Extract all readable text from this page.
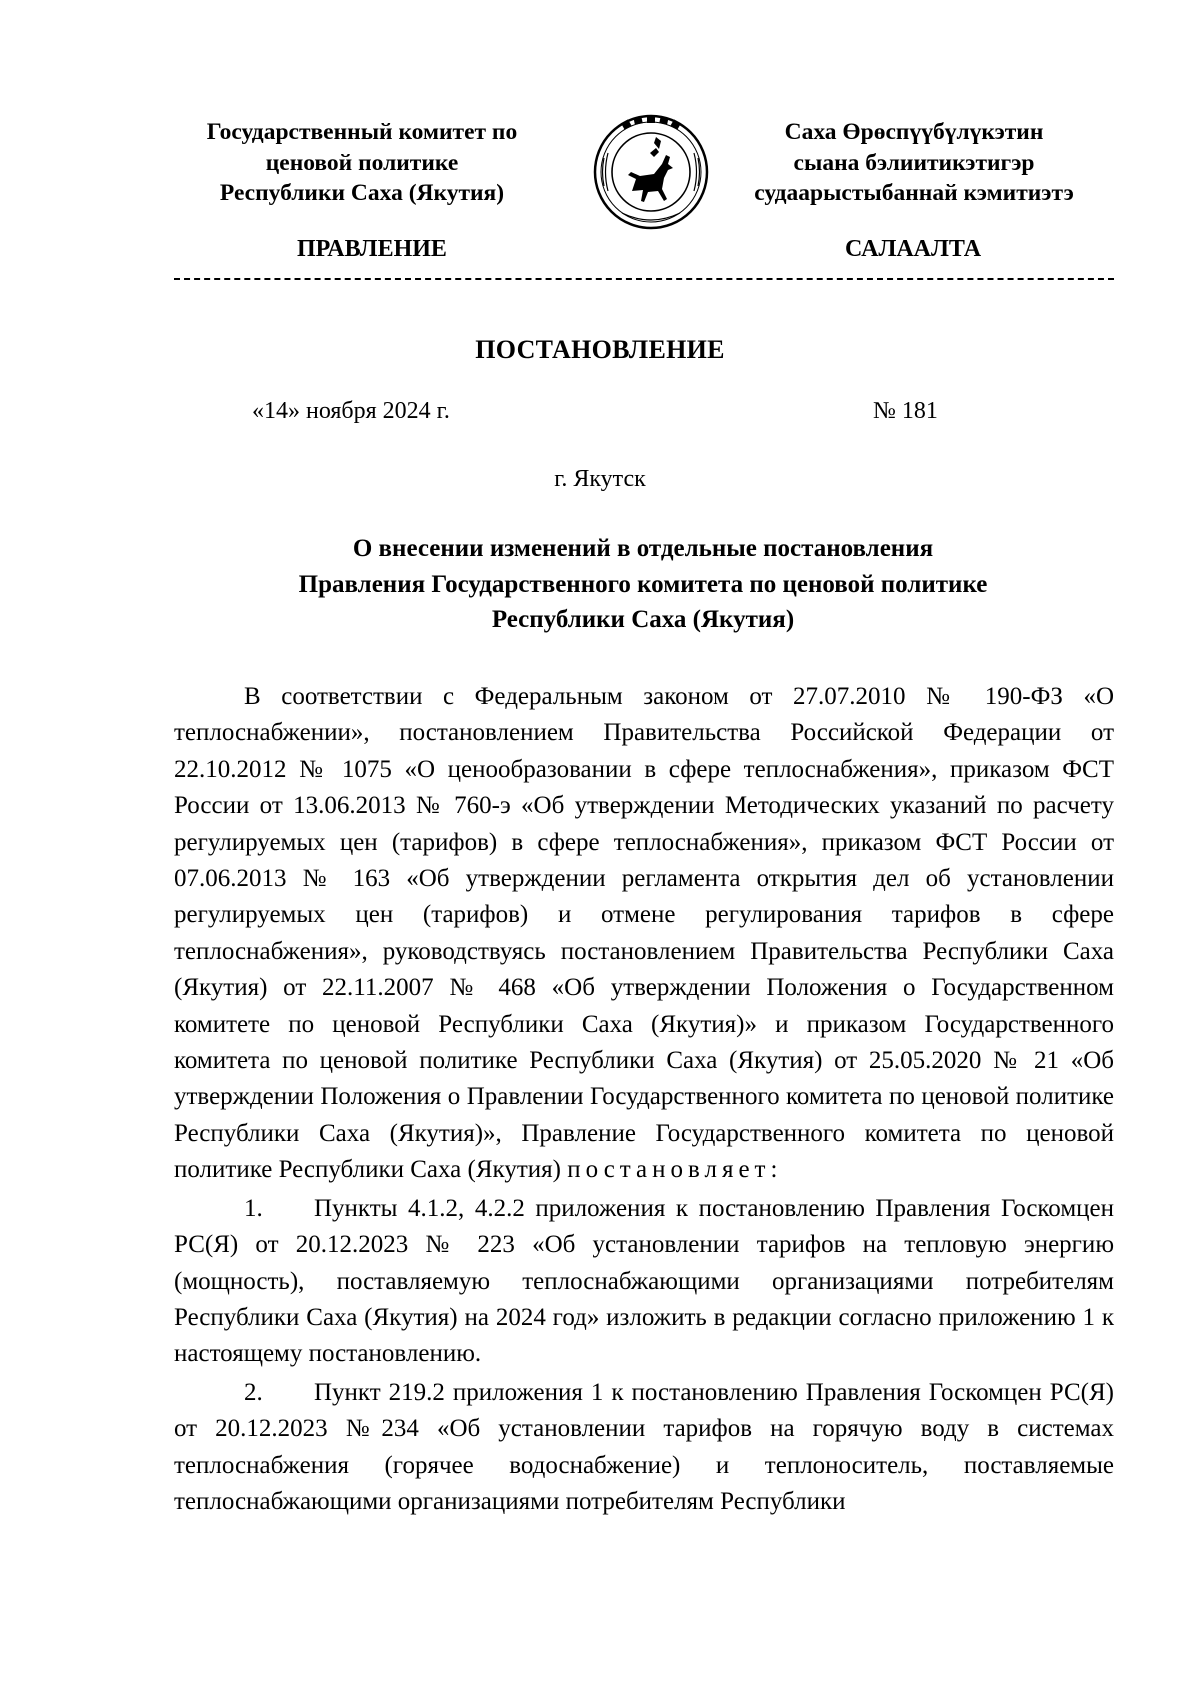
Государственный комитет по
ценовой политике
Республики Саха (Якутия)
Саха Өрөспүүбүлүкэтин
сыана бэлиитикэтигэр
судаарыстыбаннай кэмитиэтэ
ПРАВЛЕНИЕ	САЛААЛТА
ПОСТАНОВЛЕНИЕ
«14» ноября 2024 г.	№ 181
г. Якутск
О внесении изменений в отдельные постановления
Правления Государственного комитета по ценовой политике
Республики Саха (Якутия)

В соответствии с Федеральным законом от 27.07.2010 № 190-ФЗ «О теплоснабжении», постановлением Правительства Российской Федерации от 22.10.2012 № 1075 «О ценообразовании в сфере теплоснабжения», приказом ФСТ России от 13.06.2013 № 760-э «Об утверждении Методических указаний по расчету регулируемых цен (тарифов) в сфере теплоснабжения», приказом ФСТ России от 07.06.2013 № 163 «Об утверждении регламента открытия дел об установлении регулируемых цен (тарифов) и отмене регулирования тарифов в сфере теплоснабжения», руководствуясь постановлением Правительства Республики Саха (Якутия) от 22.11.2007 № 468 «Об утверждении Положения о Государственном комитете по ценовой Республики Саха (Якутия)» и приказом Государственного комитета по ценовой политике Республики Саха (Якутия) от 25.05.2020 № 21 «Об утверждении Положения о Правлении Государственного комитета по ценовой политике Республики Саха (Якутия)», Правление Государственного комитета по ценовой политике Республики Саха (Якутия) постановляет:

1. Пункты 4.1.2, 4.2.2 приложения к постановлению Правления Госкомцен РС(Я) от 20.12.2023 № 223 «Об установлении тарифов на тепловую энергию (мощность), поставляемую теплоснабжающими организациями потребителям Республики Саха (Якутия) на 2024 год» изложить в редакции согласно приложению 1 к настоящему постановлению.

2. Пункт 219.2 приложения 1 к постановлению Правления Госкомцен РС(Я) от 20.12.2023 №234 «Об установлении тарифов на горячую воду в системах теплоснабжения (горячее водоснабжение) и теплоноситель, поставляемые теплоснабжающими организациями потребителям Республики
